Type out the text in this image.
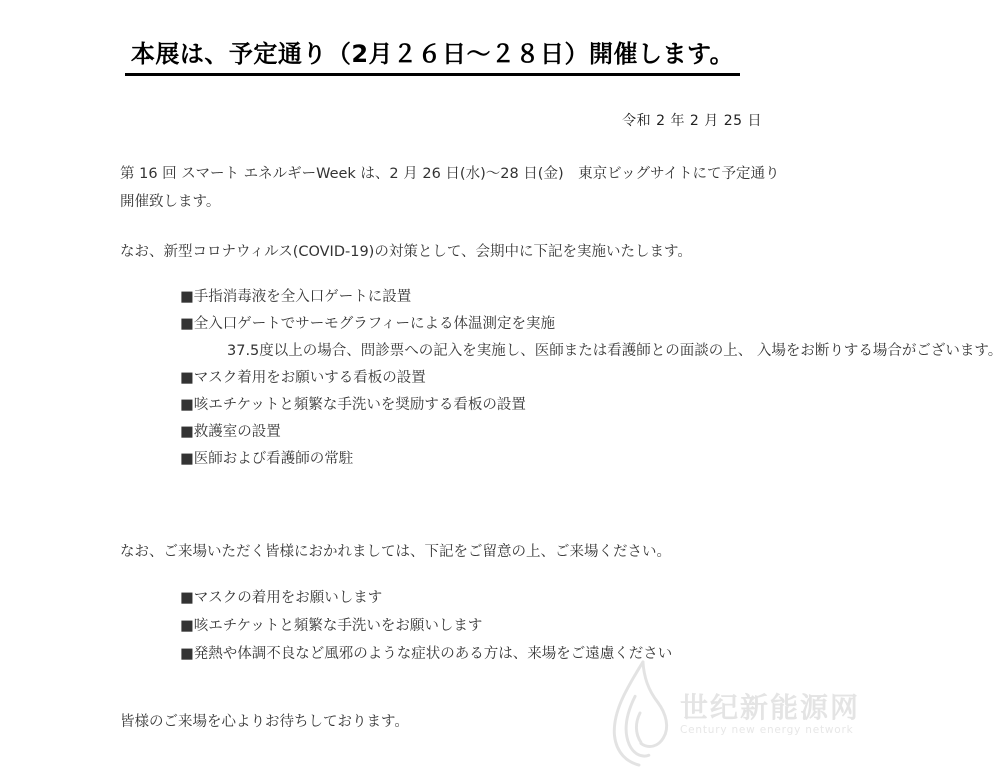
本展は、予定通り（2月２６日～２８日）開催します。
令和 2 年 2 月 25 日
第 16 回 スマート エネルギーWeek は、2 月 26 日(水)～28 日(金)　東京ビッグサイトにて予定通り
開催致します。
なお、新型コロナウィルス(COVID-19)の対策として、会期中に下記を実施いたします。
■手指消毒液を全入口ゲートに設置
■全入口ゲートでサーモグラフィーによる体温測定を実施
37.5度以上の場合、問診票への記入を実施し、医師または看護師との面談の上、 入場をお断りする場合がございます。
■マスク着用をお願いする看板の設置
■咳エチケットと頻繁な手洗いを奨励する看板の設置
■救護室の設置
■医師および看護師の常駐
なお、ご来場いただく皆様におかれましては、下記をご留意の上、ご来場ください。
■マスクの着用をお願いします
■咳エチケットと頻繁な手洗いをお願いします
■発熱や体調不良など風邪のような症状のある方は、来場をご遠慮ください
皆様のご来場を心よりお待ちしております。	世纪新能源网
Century new energy network
